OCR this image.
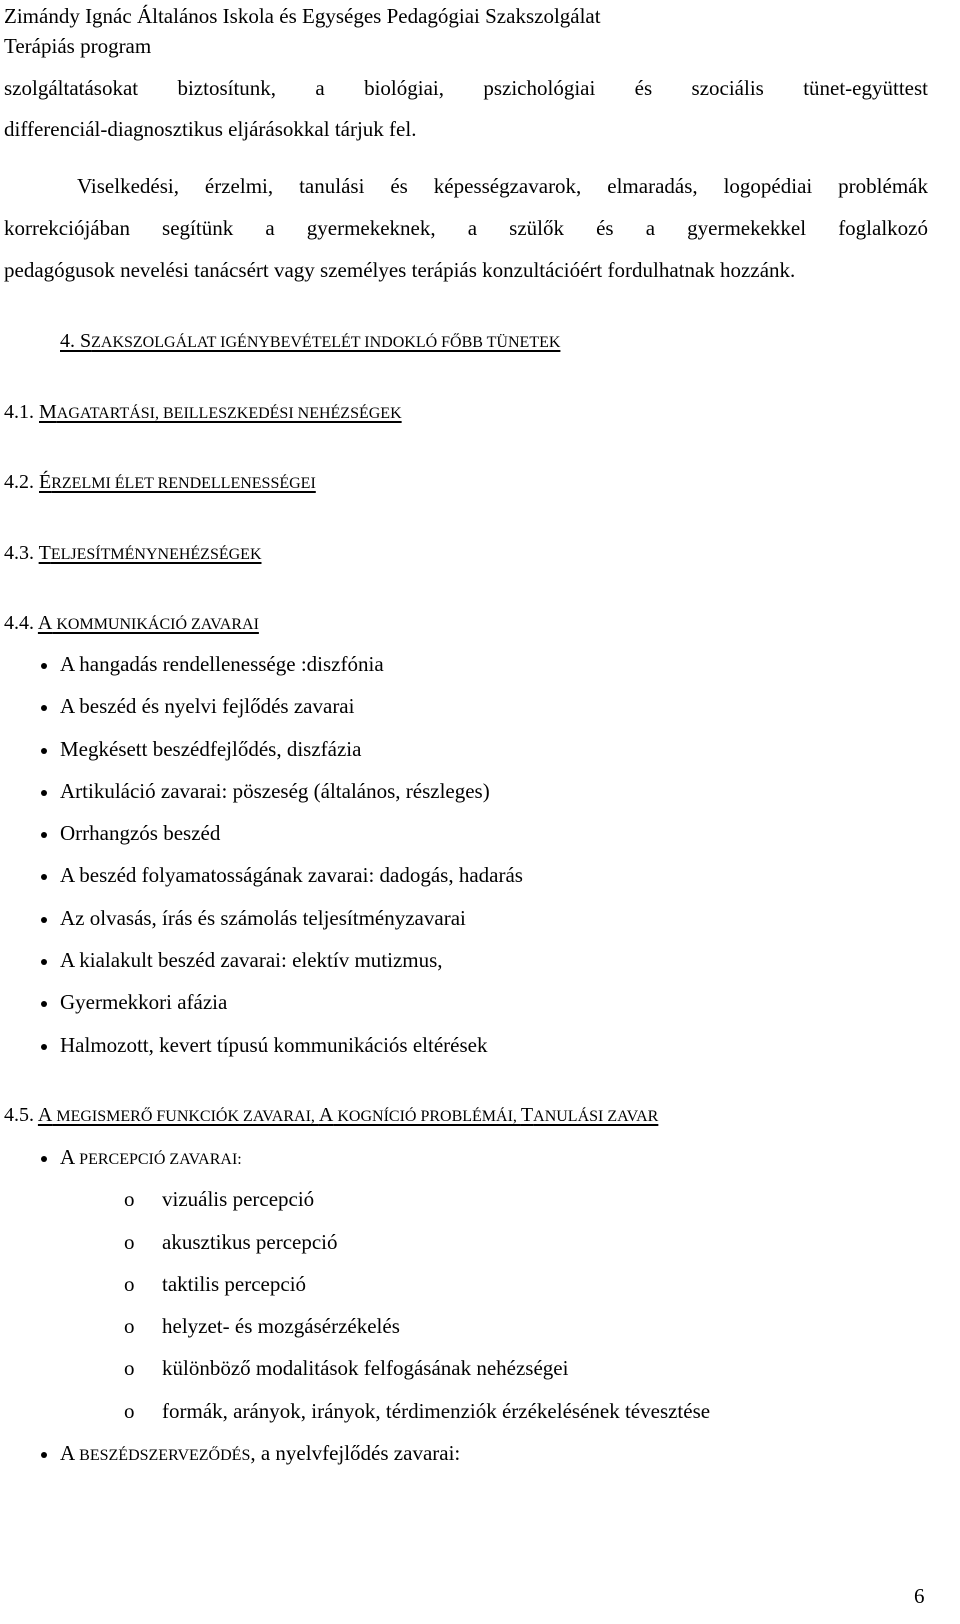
Zimándy Ignác Általános Iskola és Egységes Pedagógiai Szakszolgálat
Terápiás program
szolgáltatásokat biztosítunk, a biológiai, pszichológiai és szociális tünet-együttest
differenciál-diagnosztikus eljárásokkal tárjuk fel.
Viselkedési, érzelmi, tanulási és képességzavarok, elmaradás, logopédiai problémák
korrekciójában segítünk a gyermekeknek, a szülők és a gyermekekkel foglalkozó
pedagógusok nevelési tanácsért vagy személyes terápiás konzultációért fordulhatnak hozzánk.
4. SZAKSZOLGÁLAT IGÉNYBEVÉTELÉT INDOKLÓ FŐBB TÜNETEK
4.1. MAGATARTÁSI, BEILLESZKEDÉSI NEHÉZSÉGEK
4.2. ÉRZELMI ÉLET RENDELLENESSÉGEI
4.3. TELJESÍTMÉNYNEHÉZSÉGEK
4.4. A KOMMUNIKÁCIÓ ZAVARAI
A hangadás rendellenessége :diszfónia
A beszéd és nyelvi fejlődés zavarai
Megkésett beszédfejlődés, diszfázia
Artikuláció zavarai: pöszeség (általános, részleges)
Orrhangzós beszéd
A beszéd folyamatosságának zavarai: dadogás, hadarás
Az olvasás, írás és számolás teljesítményzavarai
A kialakult beszéd zavarai: elektív mutizmus,
Gyermekkori afázia
Halmozott, kevert típusú kommunikációs eltérések
4.5. A MEGISMERŐ FUNKCIÓK ZAVARAI, A KOGNÍCIÓ PROBLÉMÁI, TANULÁSI ZAVAR
A PERCEPCIÓ ZAVARAI:
o vizuális percepció
o akusztikus percepció
o taktilis percepció
o helyzet- és mozgásérzékelés
o különböző modalitások felfogásának nehézségei
o formák, arányok, irányok, térdimenziók érzékelésének tévesztése
A BESZÉDSZERVEZŐDÉS, a nyelvfejlődés zavarai:
6
